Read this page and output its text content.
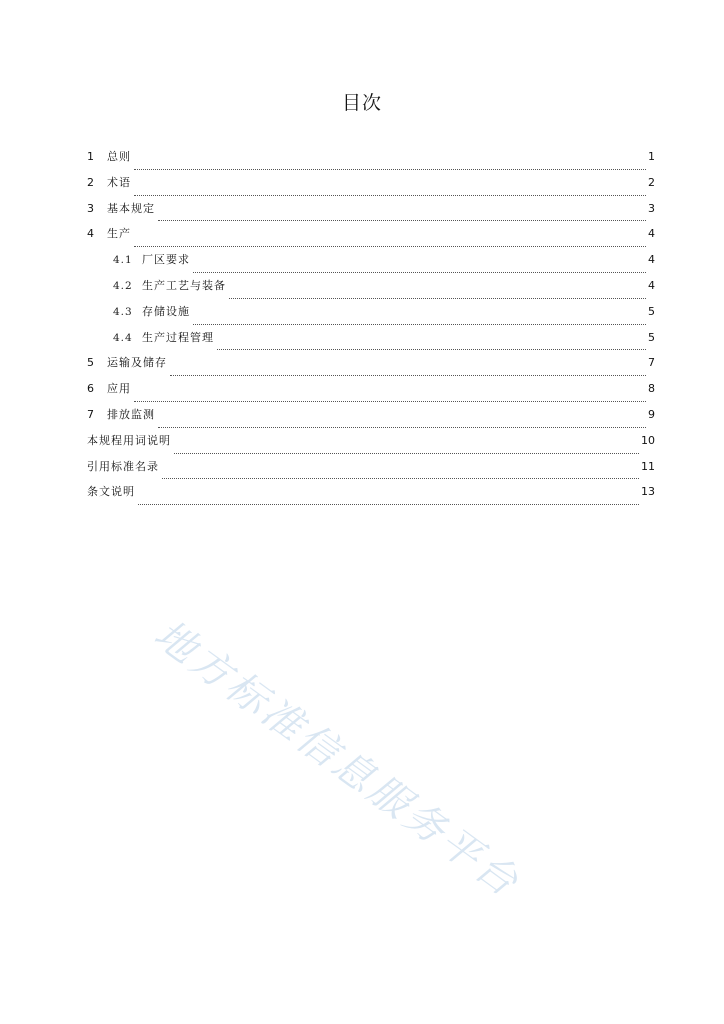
目次
1	总则	1
2	术语	2
3	基本规定	3
4	生产	4
4.1 厂区要求	4
4.2 生产工艺与装备	4
4.3 存储设施	5
4.4 生产过程管理	5
5	运输及储存	7
6	应用	8
7	排放监测	9
本规程用词说明	10
引用标准名录	11
条文说明	13
地方标准信息服务平台
